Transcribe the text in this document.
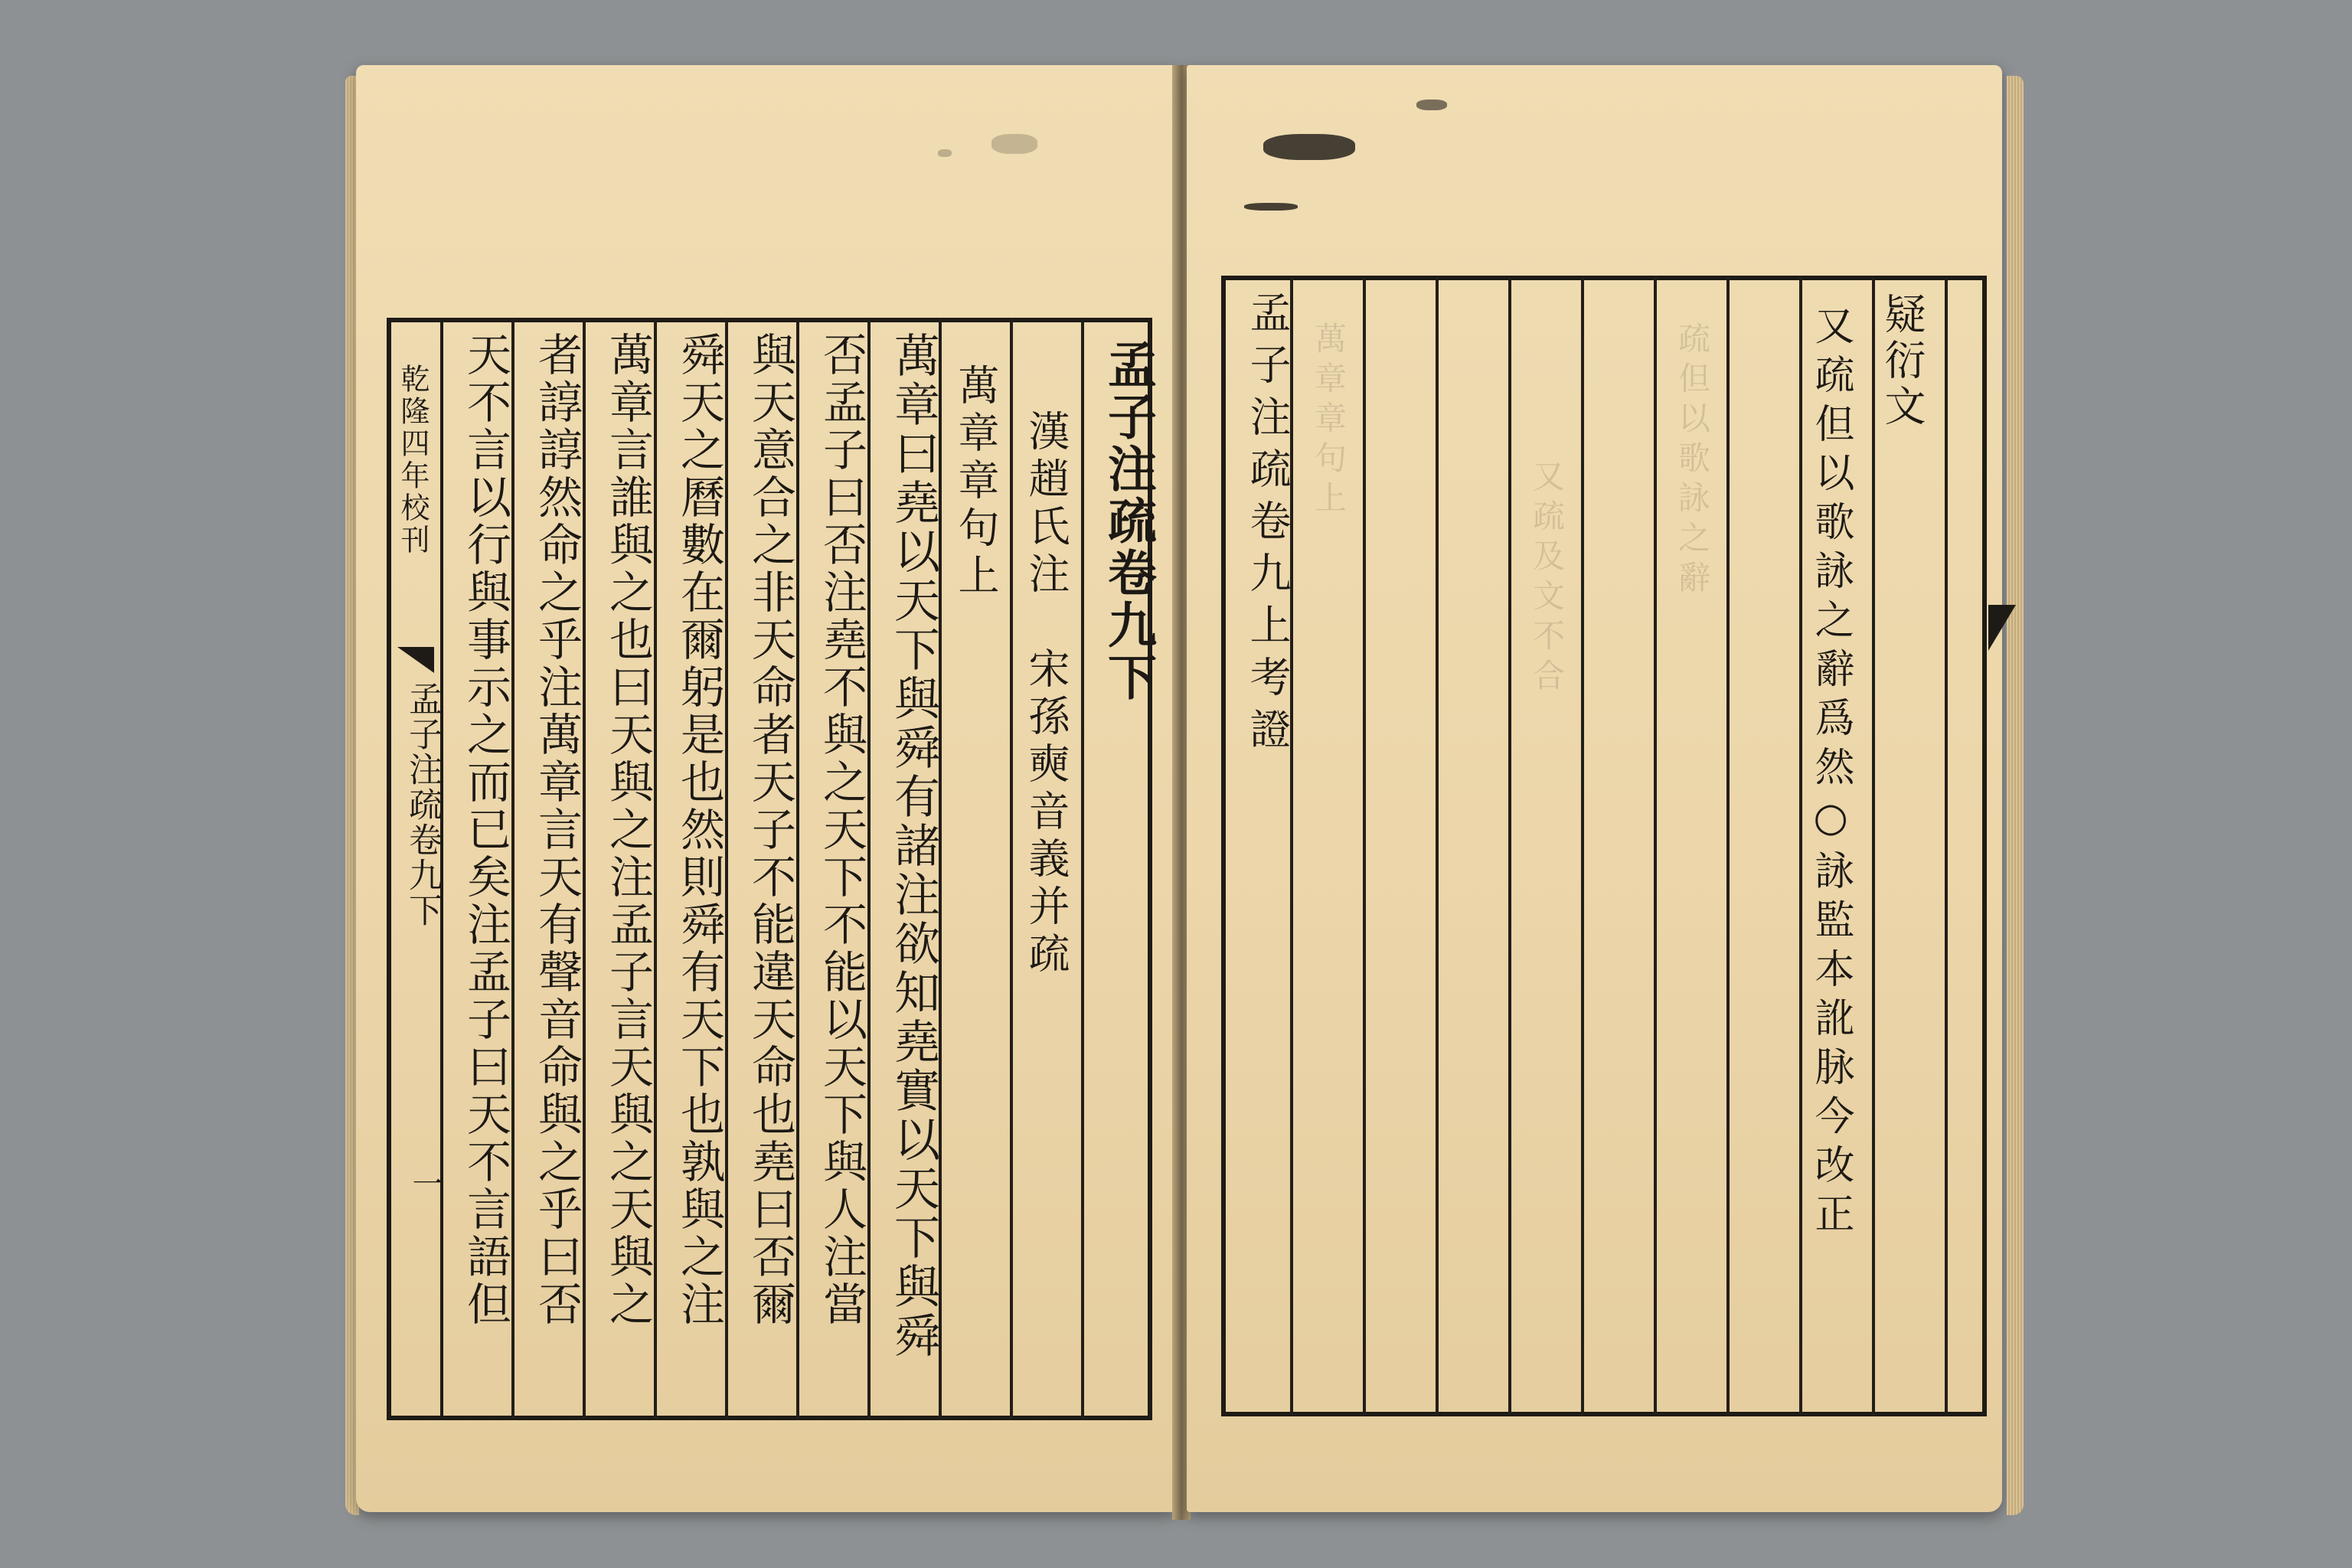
乾隆四年校刊
孟子注疏卷九下
一
孟子注疏卷九下
漢趙氏注　宋孫奭音義并疏
萬章章句上
萬章曰堯以天下與舜有諸注欲知堯實以天下與舜
否孟子曰否注堯不與之天下不能以天下與人注當
與天意合之非天命者天子不能違天命也堯曰否爾
舜天之曆數在爾躬是也然則舜有天下也孰與之注
萬章言誰與之也曰天與之注孟子言天與之天與之
者諄諄然命之乎注萬章言天有聲音命與之乎曰否
天不言以行與事示之而已矣注孟子曰天不言語但	疏但以歌詠之辭
又疏及文不合
萬章章句上	疑衍文
又疏但以歌詠之辭爲然○詠監本訛脉今改正
孟子注疏卷九上考證
